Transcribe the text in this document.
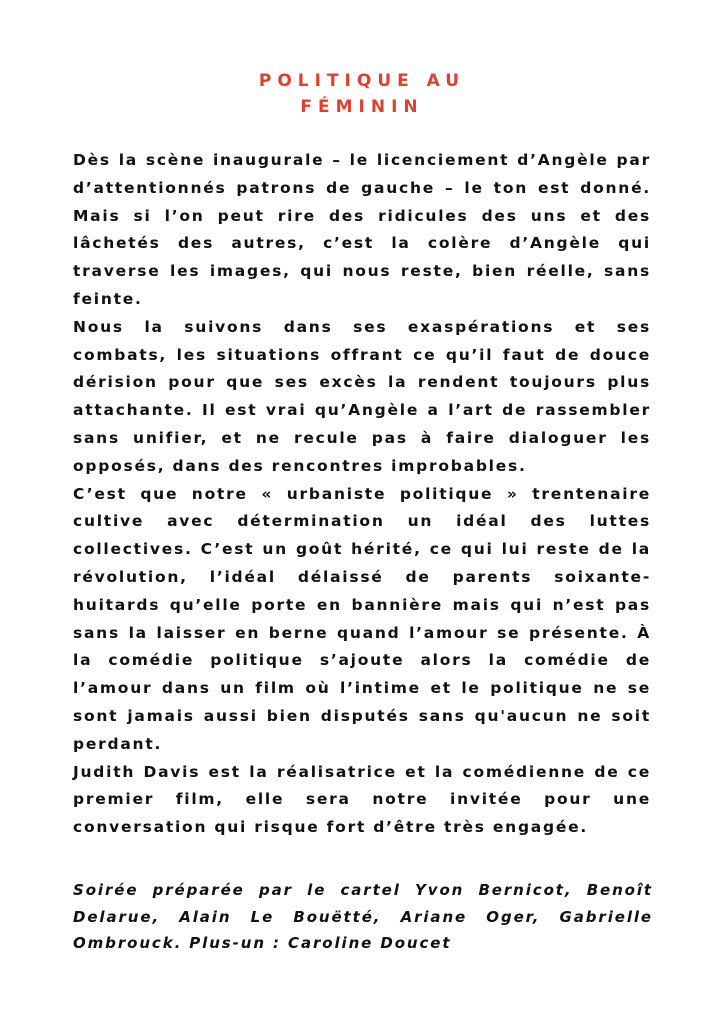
POLITIQUE AU
FÉMININ

Dès la scène inaugurale – le licenciement d’Angèle par d’attentionnés patrons de gauche – le ton est donné. Mais si l’on peut rire des ridicules des uns et des lâchetés des autres, c’est la colère d’Angèle qui traverse les images, qui nous reste, bien réelle, sans feinte.

Nous la suivons dans ses exaspérations et ses combats, les situations offrant ce qu’il faut de douce dérision pour que ses excès la rendent toujours plus attachante. Il est vrai qu’Angèle a l’art de rassembler sans unifier, et ne recule pas à faire dialoguer les opposés, dans des rencontres improbables.

C’est que notre « urbaniste politique » trentenaire cultive avec détermination un idéal des luttes collectives. C’est un goût hérité, ce qui lui reste de la révolution, l’idéal délaissé de parents soixante-huitards qu’elle porte en bannière mais qui n’est pas sans la laisser en berne quand l’amour se présente. À la comédie politique s’ajoute alors la comédie de l’amour dans un film où l’intime et le politique ne se sont jamais aussi bien disputés sans qu'aucun ne soit perdant.

Judith Davis est la réalisatrice et la comédienne de ce premier film, elle sera notre invitée pour une conversation qui risque fort d’être très engagée.

Soirée préparée par le cartel Yvon Bernicot, Benoît Delarue, Alain Le Bouëtté, Ariane Oger, Gabrielle Ombrouck. Plus-un : Caroline Doucet
